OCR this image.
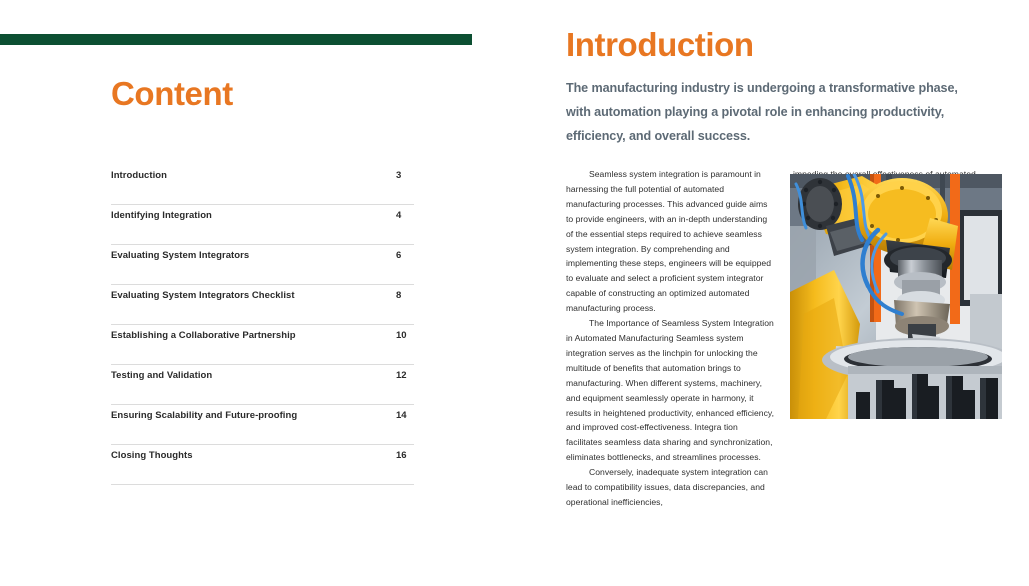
Content
Introduction	3
Identifying Integration	4
Evaluating System Integrators	6
Evaluating System Integrators Checklist	8
Establishing a Collaborative Partnership	10
Testing and Validation	12
Ensuring Scalability and Future-proofing	14
Closing Thoughts	16
Introduction
The manufacturing industry is undergoing a transformative phase, with automation playing a pivotal role in enhancing productivity, efficiency, and overall success.

Seamless system integration is paramount in harnessing the full potential of automated manufacturing processes. This advanced guide aims to provide engineers, with an in-depth understanding of the essential steps required to achieve seamless system integration. By comprehending and implementing these steps, engineers will be equipped to evaluate and select a proficient system integrator capable of constructing an optimized automated manufacturing process.

The Importance of Seamless System Integration in Automated Manufacturing Seamless system integration serves as the linchpin for unlocking the multitude of benefits that automation brings to manufacturing. When different systems, machinery, and equipment seamlessly operate in harmony, it results in heightened productivity, enhanced efficiency, and improved cost-effectiveness. Integra tion facilitates seamless data sharing and synchronization, eliminates bottlenecks, and streamlines processes.

Conversely, inadequate system integration can lead to compatibility issues, data discrepancies, and operational inefficiencies,
